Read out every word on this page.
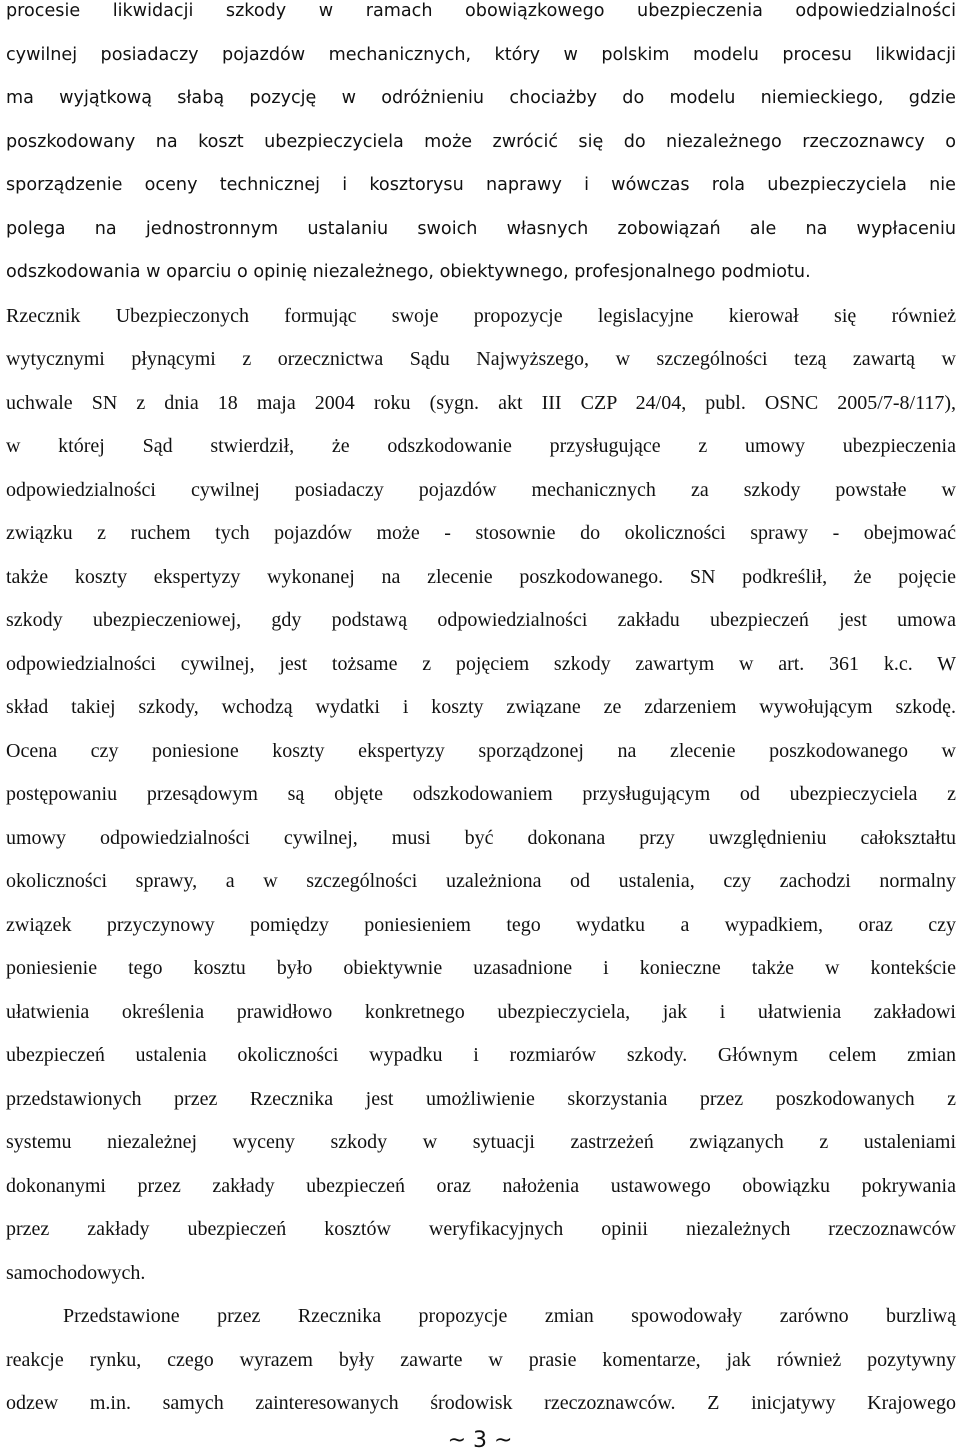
procesie likwidacji szkody w ramach obowiązkowego ubezpieczenia odpowiedzialności
cywilnej posiadaczy pojazdów mechanicznych, który w polskim modelu procesu likwidacji
ma wyjątkową słabą pozycję w odróżnieniu chociażby do modelu niemieckiego, gdzie
poszkodowany na koszt ubezpieczyciela może zwrócić się do niezależnego rzeczoznawcy o
sporządzenie oceny technicznej i kosztorysu naprawy i wówczas rola ubezpieczyciela nie
polega na jednostronnym ustalaniu swoich własnych zobowiązań ale na wypłaceniu
odszkodowania w oparciu o opinię niezależnego, obiektywnego, profesjonalnego podmiotu.
Rzecznik Ubezpieczonych formując swoje propozycje legislacyjne kierował się również
wytycznymi płynącymi z orzecznictwa Sądu Najwyższego, w szczególności tezą zawartą w
uchwale SN z dnia 18 maja 2004 roku (sygn. akt III CZP 24/04, publ. OSNC 2005/7-8/117),
w której Sąd stwierdził, że odszkodowanie przysługujące z umowy ubezpieczenia
odpowiedzialności cywilnej posiadaczy pojazdów mechanicznych za szkody powstałe w
związku z ruchem tych pojazdów może - stosownie do okoliczności sprawy - obejmować
także koszty ekspertyzy wykonanej na zlecenie poszkodowanego. SN podkreślił, że pojęcie
szkody ubezpieczeniowej, gdy podstawą odpowiedzialności zakładu ubezpieczeń jest umowa
odpowiedzialności cywilnej, jest tożsame z pojęciem szkody zawartym w art. 361 k.c. W
skład takiej szkody, wchodzą wydatki i koszty związane ze zdarzeniem wywołującym szkodę.
Ocena czy poniesione koszty ekspertyzy sporządzonej na zlecenie poszkodowanego w
postępowaniu przesądowym są objęte odszkodowaniem przysługującym od ubezpieczyciela z
umowy odpowiedzialności cywilnej, musi być dokonana przy uwzględnieniu całokształtu
okoliczności sprawy, a w szczególności uzależniona od ustalenia, czy zachodzi normalny
związek przyczynowy pomiędzy poniesieniem tego wydatku a wypadkiem, oraz czy
poniesienie tego kosztu było obiektywnie uzasadnione i konieczne także w kontekście
ułatwienia określenia prawidłowo konkretnego ubezpieczyciela, jak i ułatwienia zakładowi
ubezpieczeń ustalenia okoliczności wypadku i rozmiarów szkody. Głównym celem zmian
przedstawionych przez Rzecznika jest umożliwienie skorzystania przez poszkodowanych z
systemu niezależnej wyceny szkody w sytuacji zastrzeżeń związanych z ustaleniami
dokonanymi przez zakłady ubezpieczeń oraz nałożenia ustawowego obowiązku pokrywania
przez zakłady ubezpieczeń kosztów weryfikacyjnych opinii niezależnych rzeczoznawców
samochodowych.
Przedstawione przez Rzecznika propozycje zmian spowodowały zarówno burzliwą
reakcje rynku, czego wyrazem były zawarte w prasie komentarze, jak również pozytywny
odzew m.in. samych zainteresowanych środowisk rzeczoznawców. Z inicjatywy Krajowego
~ 3 ~
